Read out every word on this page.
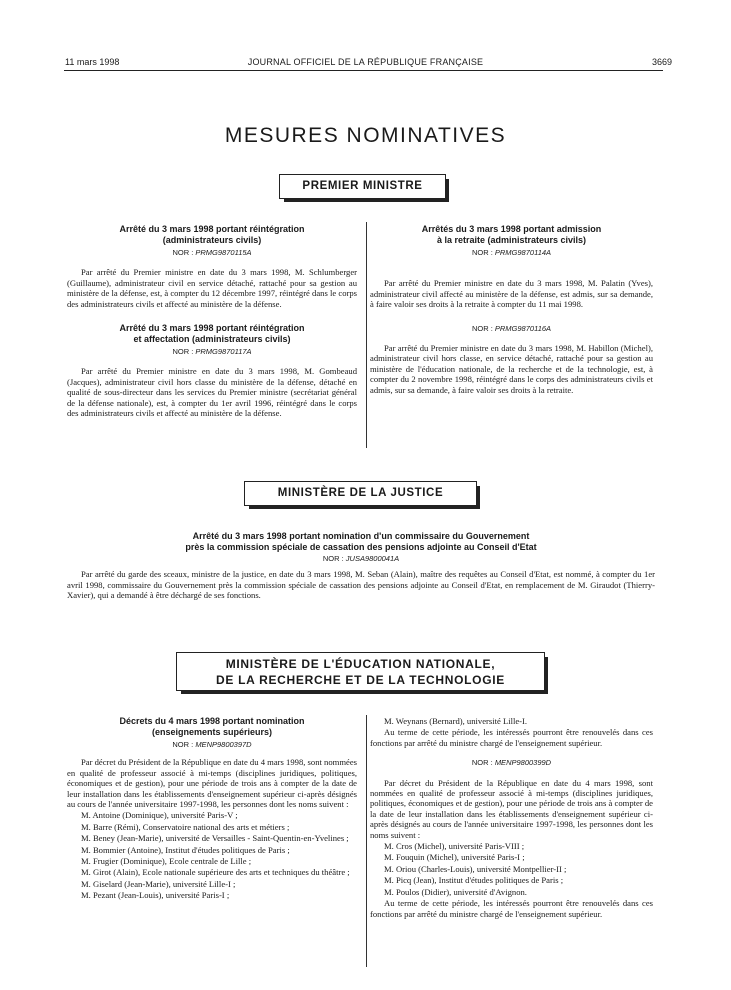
11 mars 1998	JOURNAL OFFICIEL DE LA RÉPUBLIQUE FRANÇAISE	3669
MESURES NOMINATIVES
PREMIER MINISTRE
Arrêté du 3 mars 1998 portant réintégration
(administrateurs civils)
NOR : PRMG9870115A

Par arrêté du Premier ministre en date du 3 mars 1998, M. Schlumberger (Guillaume), administrateur civil en service détaché, rattaché pour sa gestion au ministère de la défense, est, à compter du 12 décembre 1997, réintégré dans le corps des administrateurs civils et affecté au ministère de la défense.

Arrêté du 3 mars 1998 portant réintégration
et affectation (administrateurs civils)
NOR : PRMG9870117A

Par arrêté du Premier ministre en date du 3 mars 1998, M. Gombeaud (Jacques), administrateur civil hors classe du ministère de la défense, détaché en qualité de sous-directeur dans les services du Premier ministre (secrétariat général de la défense nationale), est, à compter du 1er avril 1996, réintégré dans le corps des administrateurs civils et affecté au ministère de la défense.

Arrêtés du 3 mars 1998 portant admission
à la retraite (administrateurs civils)
NOR : PRMG9870114A

Par arrêté du Premier ministre en date du 3 mars 1998, M. Palatin (Yves), administrateur civil affecté au ministère de la défense, est admis, sur sa demande, à faire valoir ses droits à la retraite à compter du 11 mai 1998.

NOR : PRMG9870116A

Par arrêté du Premier ministre en date du 3 mars 1998, M. Habillon (Michel), administrateur civil hors classe, en service détaché, rattaché pour sa gestion au ministère de l'éducation nationale, de la recherche et de la technologie, est, à compter du 2 novembre 1998, réintégré dans le corps des administrateurs civils et admis, sur sa demande, à faire valoir ses droits à la retraite.

MINISTÈRE DE LA JUSTICE
Arrêté du 3 mars 1998 portant nomination d'un commissaire du Gouvernement
près la commission spéciale de cassation des pensions adjointe au Conseil d'Etat
NOR : JUSA9800041A

Par arrêté du garde des sceaux, ministre de la justice, en date du 3 mars 1998, M. Seban (Alain), maître des requêtes au Conseil d'Etat, est nommé, à compter du 1er avril 1998, commissaire du Gouvernement près la commission spéciale de cassation des pensions adjointe au Conseil d'Etat, en remplacement de M. Giraudot (Thierry-Xavier), qui a demandé à être déchargé de ses fonctions.

MINISTÈRE DE L'ÉDUCATION NATIONALE,
DE LA RECHERCHE ET DE LA TECHNOLOGIE
Décrets du 4 mars 1998 portant nomination
(enseignements supérieurs)
NOR : MENP9800397D

Par décret du Président de la République en date du 4 mars 1998, sont nommées en qualité de professeur associé à mi-temps (disciplines juridiques, politiques, économiques et de gestion), pour une période de trois ans à compter de la date de leur installation dans les établissements d'enseignement supérieur ci-après désignés au cours de l'année universitaire 1997-1998, les personnes dont les noms suivent :

M. Antoine (Dominique), université Paris-V ;

M. Barre (Rémi), Conservatoire national des arts et métiers ;

M. Beney (Jean-Marie), université de Versailles - Saint-Quentin-en-Yvelines ;

M. Bommier (Antoine), Institut d'études politiques de Paris ;

M. Frugier (Dominique), Ecole centrale de Lille ;

M. Girot (Alain), Ecole nationale supérieure des arts et techniques du théâtre ;

M. Giselard (Jean-Marie), université Lille-I ;

M. Pezant (Jean-Louis), université Paris-I ;

M. Weynans (Bernard), université Lille-I.

Au terme de cette période, les intéressés pourront être renouvelés dans ces fonctions par arrêté du ministre chargé de l'enseignement supérieur.

NOR : MENP9800399D

Par décret du Président de la République en date du 4 mars 1998, sont nommées en qualité de professeur associé à mi-temps (disciplines juridiques, politiques, économiques et de gestion), pour une période de trois ans à compter de la date de leur installation dans les établissements d'enseignement supérieur ci-après désignés au cours de l'année universitaire 1997-1998, les personnes dont les noms suivent :

M. Cros (Michel), université Paris-VIII ;

M. Fouquin (Michel), université Paris-I ;

M. Oriou (Charles-Louis), université Montpellier-II ;

M. Picq (Jean), Institut d'études politiques de Paris ;

M. Poulos (Didier), université d'Avignon.

Au terme de cette période, les intéressés pourront être renouvelés dans ces fonctions par arrêté du ministre chargé de l'enseignement supérieur.
